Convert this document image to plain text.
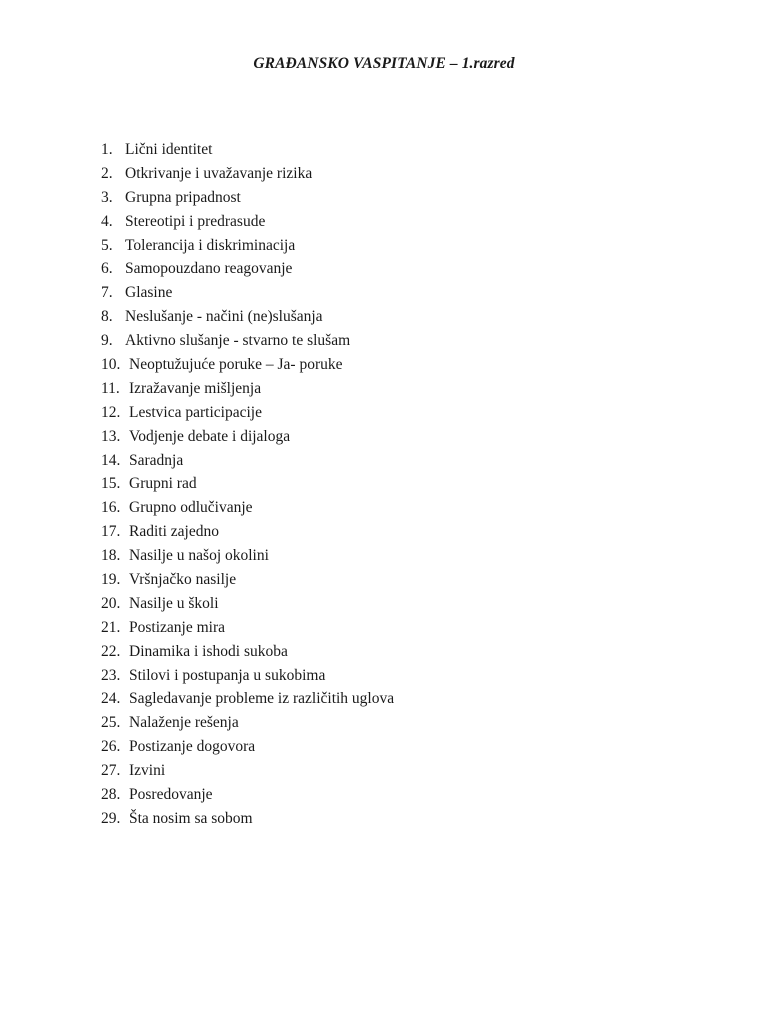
GRAĐANSKO VASPITANJE – 1.razred
1. Lični identitet
2. Otkrivanje i uvažavanje rizika
3. Grupna pripadnost
4. Stereotipi i predrasude
5. Tolerancija i diskriminacija
6. Samopouzdano reagovanje
7. Glasine
8. Neslušanje - načini (ne)slušanja
9. Aktivno slušanje - stvarno te slušam
10. Neoptužujuće poruke – Ja- poruke
11. Izražavanje mišljenja
12. Lestvica participacije
13. Vodjenje debate i dijaloga
14. Saradnja
15. Grupni rad
16. Grupno odlučivanje
17. Raditi zajedno
18. Nasilje u našoj okolini
19. Vršnjačko nasilje
20. Nasilje u školi
21. Postizanje mira
22. Dinamika i ishodi sukoba
23. Stilovi i postupanja u sukobima
24. Sagledavanje probleme iz različitih uglova
25. Nalaženje rešenja
26. Postizanje dogovora
27. Izvini
28. Posredovanje
29. Šta nosim sa sobom
